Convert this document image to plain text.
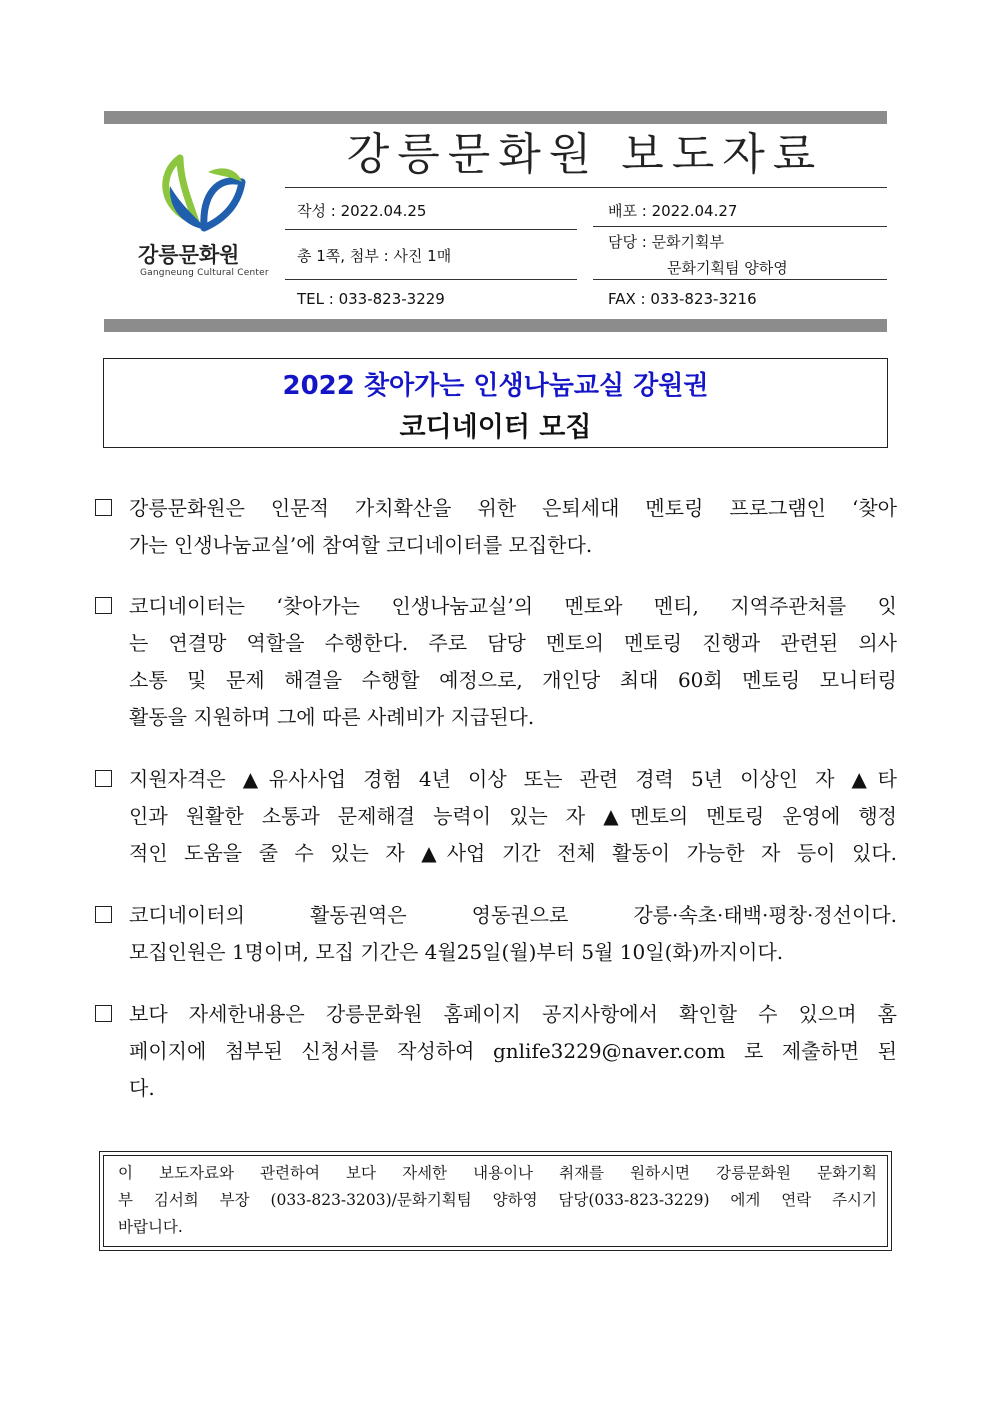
강릉문화원
Gangneung Cultural Center
강릉문화원 보도자료
작성 : 2022.04.25	배포 : 2022.04.27
총 1쪽, 첨부 : 사진 1매
담당 : 문화기획부
문화기획팀 양하영
TEL : 033-823-3229	FAX : 033-823-3216
2022 찾아가는 인생나눔교실 강원권
코디네이터 모집
강릉문화원은 인문적 가치확산을 위한 은퇴세대 멘토링 프로그램인 ‘찾아
가는 인생나눔교실’에 참여할 코디네이터를 모집한다.
코디네이터는 ‘찾아가는 인생나눔교실’의 멘토와 멘티, 지역주관처를 잇
는 연결망 역할을 수행한다. 주로 담당 멘토의 멘토링 진행과 관련된 의사
소통 및 문제 해결을 수행할 예정으로, 개인당 최대 60회 멘토링 모니터링
활동을 지원하며 그에 따른 사례비가 지급된다.
지원자격은 ▲유사사업 경험 4년 이상 또는 관련 경력 5년 이상인 자 ▲타
인과 원활한 소통과 문제해결 능력이 있는 자 ▲멘토의 멘토링 운영에 행정
적인 도움을 줄 수 있는 자 ▲사업 기간 전체 활동이 가능한 자 등이 있다.
코디네이터의 활동권역은 영동권으로 강릉·속초·태백·평창·정선이다.
모집인원은 1명이며, 모집 기간은 4월25일(월)부터 5월 10일(화)까지이다.
보다 자세한내용은 강릉문화원 홈페이지 공지사항에서 확인할 수 있으며 홈
페이지에 첨부된 신청서를 작성하여 gnlife3229@naver.com 로 제출하면 된
다.
이 보도자료와 관련하여 보다 자세한 내용이나 취재를 원하시면 강릉문화원 문화기획
부 김서희 부장 (033-823-3203)/문화기획팀 양하영 담당(033-823-3229) 에게 연락 주시기
바랍니다.
